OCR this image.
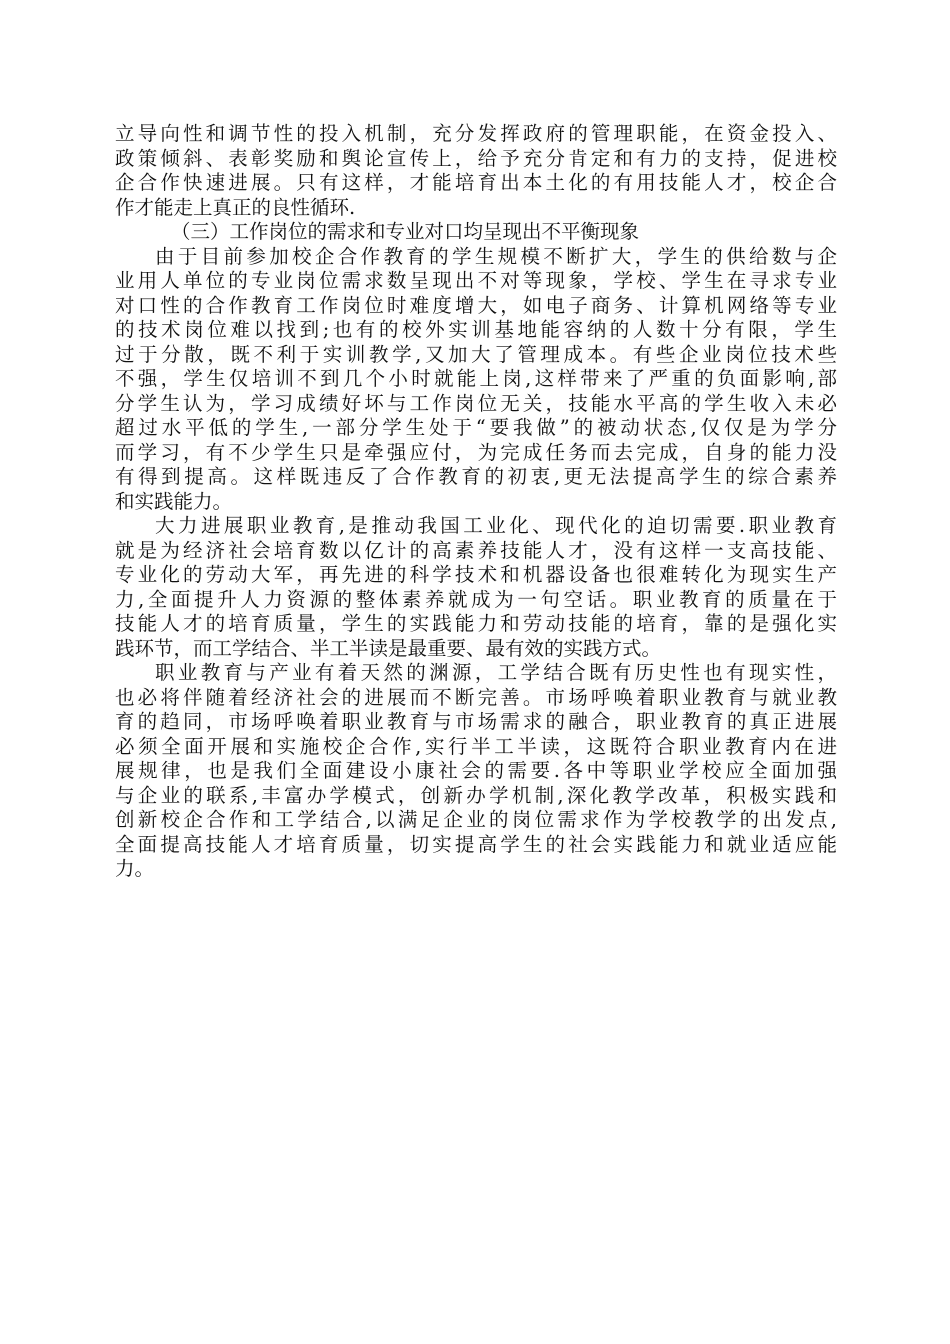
立导向性和调节性的投入机制，充分发挥政府的管理职能，在资金投入、
政策倾斜、表彰奖励和舆论宣传上，给予充分肯定和有力的支持，促进校
企合作快速进展。只有这样，才能培育出本土化的有用技能人才，校企合
作才能走上真正的良性循环.
（三）工作岗位的需求和专业对口均呈现出不平衡现象
由于目前参加校企合作教育的学生规模不断扩大，学生的供给数与企
业用人单位的专业岗位需求数呈现出不对等现象，学校、学生在寻求专业
对口性的合作教育工作岗位时难度增大，如电子商务、计算机网络等专业
的技术岗位难以找到;也有的校外实训基地能容纳的人数十分有限，学生
过于分散，既不利于实训教学,又加大了管理成本。有些企业岗位技术些
不强，学生仅培训不到几个小时就能上岗,这样带来了严重的负面影响,部
分学生认为，学习成绩好坏与工作岗位无关，技能水平高的学生收入未必
超过水平低的学生,一部分学生处于“要我做”的被动状态,仅仅是为学分
而学习，有不少学生只是牵强应付，为完成任务而去完成，自身的能力没
有得到提高。这样既违反了合作教育的初衷,更无法提高学生的综合素养
和实践能力。
大力进展职业教育,是推动我国工业化、现代化的迫切需要.职业教育
就是为经济社会培育数以亿计的高素养技能人才，没有这样一支高技能、
专业化的劳动大军，再先进的科学技术和机器设备也很难转化为现实生产
力,全面提升人力资源的整体素养就成为一句空话。职业教育的质量在于
技能人才的培育质量，学生的实践能力和劳动技能的培育，靠的是强化实
践环节，而工学结合、半工半读是最重要、最有效的实践方式。
职业教育与产业有着天然的渊源，工学结合既有历史性也有现实性，
也必将伴随着经济社会的进展而不断完善。市场呼唤着职业教育与就业教
育的趋同，市场呼唤着职业教育与市场需求的融合，职业教育的真正进展
必须全面开展和实施校企合作,实行半工半读，这既符合职业教育内在进
展规律，也是我们全面建设小康社会的需要.各中等职业学校应全面加强
与企业的联系,丰富办学模式，创新办学机制,深化教学改革，积极实践和
创新校企合作和工学结合,以满足企业的岗位需求作为学校教学的出发点,
全面提高技能人才培育质量，切实提高学生的社会实践能力和就业适应能
力。
